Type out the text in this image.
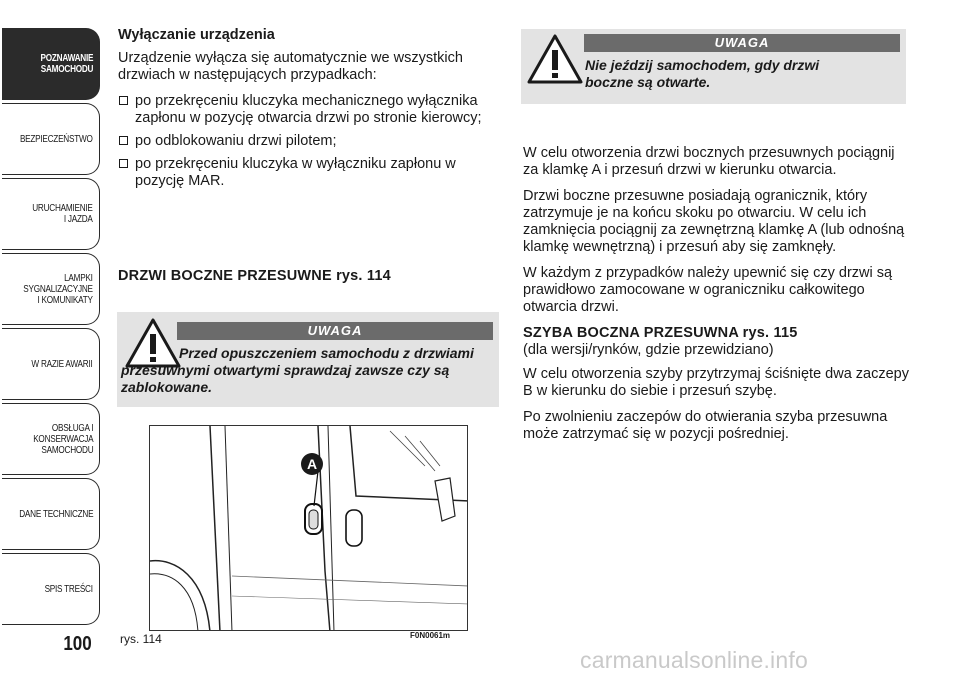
POZNAWANIE
SAMOCHODU
BEZPIECZEŃSTWO
URUCHAMIENIE
I JAZDA
LAMPKI
SYGNALIZACYJNE
I KOMUNIKATY
W RAZIE AWARII
OBSŁUGA I
KONSERWACJA
SAMOCHODU
DANE TECHNICZNE
SPIS TREŚCI
100

Wyłączanie urządzenia

Urządzenie wyłącza się automatycznie we wszystkich drzwiach w następujących przypadkach:

po przekręceniu kluczyka mechanicznego wyłącznika zapłonu w pozycję otwarcia drzwi po stronie kierowcy;

po odblokowaniu drzwi pilotem;

po przekręceniu kluczyka w wyłączniku zapłonu w pozycję MAR.

DRZWI BOCZNE PRZESUWNE rys. 114
UWAGA
Przed opuszczeniem samochodu z drzwiami przesuwnymi otwartymi sprawdzaj zawsze czy są zablokowane.
A
rys. 114	F0N0061m
UWAGA
Nie jeździj samochodem, gdy drzwi boczne są otwarte.

W celu otworzenia drzwi bocznych przesuwnych pociągnij za klamkę A i przesuń drzwi w kierunku otwarcia.

Drzwi boczne przesuwne posiadają ogranicznik, który zatrzymuje je na końcu skoku po otwarciu. W celu ich zamknięcia pociągnij za zewnętrzną klamkę A (lub odnośną klamkę wewnętrzną) i przesuń aby się zamknęły.

W każdym z przypadków należy upewnić się czy drzwi są prawidłowo zamocowane w ograniczniku całkowitego otwarcia drzwi.

SZYBA BOCZNA PRZESUWNA rys. 115
(dla wersji/rynków, gdzie przewidziano)

W celu otworzenia szyby przytrzymaj ściśnięte dwa zaczepy B w kierunku do siebie i przesuń szybę.

Po zwolnieniu zaczepów do otwierania szyba przesuwna może zatrzymać się w pozycji pośredniej.

carmanualsonline.info
